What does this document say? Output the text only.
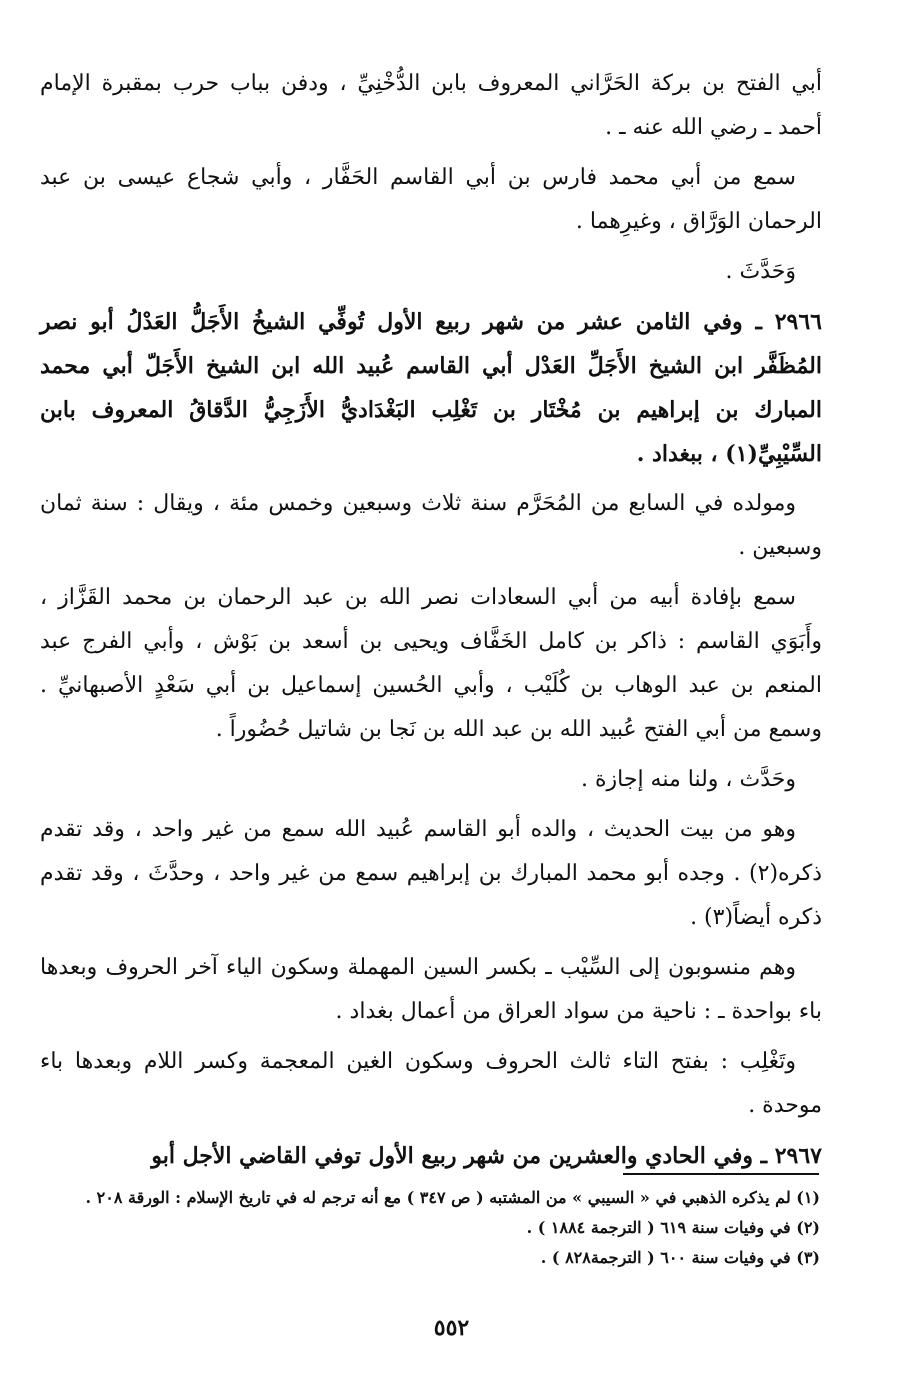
أبي الفتح بن بركة الحَرَّاني المعروف بابن الدُّخْنِيِّ ، ودفن بباب حرب بمقبرة الإمام أحمد ـ رضي الله عنه ـ .

سمع من أبي محمد فارس بن أبي القاسم الحَفَّار ، وأبي شجاع عيسى بن عبد الرحمان الوَرَّاق ، وغيرِهما .

وَحَدَّثَ .

٢٩٦٦ ـ وفي الثامن عشر من شهر ربيع الأول تُوفِّي الشيخُ الأَجَلُّ العَدْلُ أبو نصر المُظَفَّر ابن الشيخ الأَجَلِّ العَدْل أبي القاسم عُبيد الله ابن الشيخ الأَجَلّ أبي محمد المبارك بن إبراهيم بن مُخْتَار بن تَغْلِب البَغْدَاديُّ الأَزَجِيُّ الدَّقاقُ المعروف بابن السِّيْبِيِّ(١) ، ببغداد .

ومولده في السابع من المُحَرَّم سنة ثلاث وسبعين وخمس مئة ، ويقال : سنة ثمان وسبعين .

سمع بإفادة أبيه من أبي السعادات نصر الله بن عبد الرحمان بن محمد القَزَّاز ، وأَبَوَي القاسم : ذاكر بن كامل الخَفَّاف ويحيى بن أسعد بن بَوْش ، وأبي الفرج عبد المنعم بن عبد الوهاب بن كُلَيْب ، وأبي الحُسين إسماعيل بن أبي سَعْدٍ الأصبهانيِّ . وسمع من أبي الفتح عُبيد الله بن عبد الله بن نَجا بن شاتيل حُضُوراً .

وحَدَّث ، ولنا منه إجازة .

وهو من بيت الحديث ، والده أبو القاسم عُبيد الله سمع من غير واحد ، وقد تقدم ذكره(٢) . وجده أبو محمد المبارك بن إبراهيم سمع من غير واحد ، وحدَّثَ ، وقد تقدم ذكره أيضاً(٣) .

وهم منسوبون إلى السِّيْب ـ بكسر السين المهملة وسكون الياء آخر الحروف وبعدها باء بواحدة ـ : ناحية من سواد العراق من أعمال بغداد .

وتَغْلِب : بفتح التاء ثالث الحروف وسكون الغين المعجمة وكسر اللام وبعدها باء موحدة .

٢٩٦٧ ـ وفي الحادي والعشرين من شهر ربيع الأول توفي القاضي الأجل أبو

(١) لم يذكره الذهبي في « السيبي » من المشتبه ( ص ٣٤٧ ) مع أنه ترجم له في تاريخ الإسلام : الورقة ٢٠٨ .

(٢) في وفيات سنة ٦١٩ ( الترجمة ١٨٨٤ ) .

(٣) في وفيات سنة ٦٠٠ ( الترجمة٨٢٨ ) .

٥٥٢
